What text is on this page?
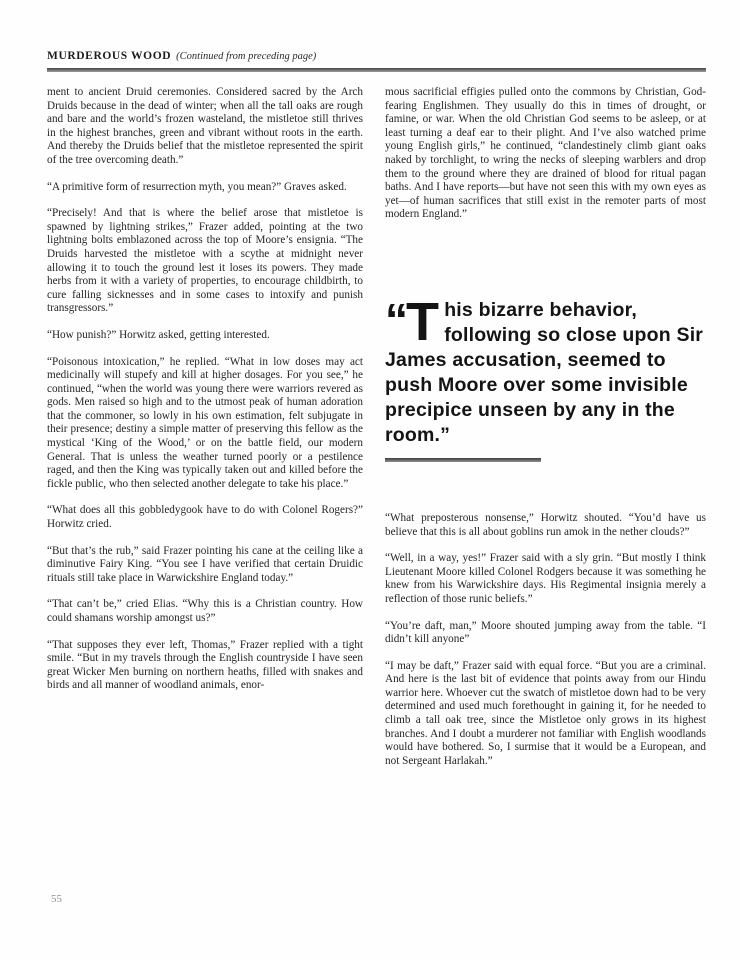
MURDEROUS WOOD (Continued from preceding page)

ment to ancient Druid ceremonies. Considered sacred by the Arch Druids because in the dead of winter; when all the tall oaks are rough and bare and the world’s frozen wasteland, the mistletoe still thrives in the highest branches, green and vibrant without roots in the earth. And thereby the Druids belief that the mistletoe represented the spirit of the tree overcoming death.”

“A primitive form of resurrection myth, you mean?” Graves asked.

“Precisely! And that is where the belief arose that mistletoe is spawned by lightning strikes,” Frazer added, pointing at the two lightning bolts emblazoned across the top of Moore’s ensignia. “The Druids harvested the mistletoe with a scythe at midnight never allowing it to touch the ground lest it loses its powers. They made herbs from it with a variety of properties, to encourage childbirth, to cure falling sicknesses and in some cases to intoxify and punish transgressors.”

“How punish?” Horwitz asked, getting interested.

“Poisonous intoxication,” he replied. “What in low doses may act medicinally will stupefy and kill at higher dosages. For you see,” he continued, “when the world was young there were warriors revered as gods. Men raised so high and to the utmost peak of human adoration that the commoner, so lowly in his own estimation, felt subjugate in their presence; destiny a simple matter of preserving this fellow as the mystical ‘King of the Wood,’ or on the battle field, our modern General. That is unless the weather turned poorly or a pestilence raged, and then the King was typically taken out and killed before the fickle public, who then selected another delegate to take his place.”

“What does all this gobbledygook have to do with Colonel Rogers?” Horwitz cried.

“But that’s the rub,” said Frazer pointing his cane at the ceiling like a diminutive Fairy King. “You see I have verified that certain Druidic rituals still take place in Warwickshire England today.”

“That can’t be,” cried Elias. “Why this is a Christian country. How could shamans worship amongst us?”

“That supposes they ever left, Thomas,” Frazer replied with a tight smile. “But in my travels through the English countryside I have seen great Wicker Men burning on northern heaths, filled with snakes and birds and all manner of woodland animals, enor-

mous sacrificial effigies pulled onto the commons by Christian, God-fearing Englishmen. They usually do this in times of drought, or famine, or war. When the old Christian God seems to be asleep, or at least turning a deaf ear to their plight. And I’ve also watched prime young English girls,” he continued, “clandestinely climb giant oaks naked by torchlight, to wring the necks of sleeping warblers and drop them to the ground where they are drained of blood for ritual pagan baths. And I have reports—but have not seen this with my own eyes as yet—of human sacrifices that still exist in the remoter parts of most modern England.”

“T his bizarre behavior, following so close upon Sir James accusation, seemed to push Moore over some invisible precipice unseen by any in the room.”

“What preposterous nonsense,” Horwitz shouted. “You’d have us believe that this is all about goblins run amok in the nether clouds?”

“Well, in a way, yes!” Frazer said with a sly grin. “But mostly I think Lieutenant Moore killed Colonel Rodgers because it was something he knew from his Warwickshire days. His Regimental insignia merely a reflection of those runic beliefs.”

“You’re daft, man,” Moore shouted jumping away from the table. “I didn’t kill anyone”

“I may be daft,” Frazer said with equal force. “But you are a criminal. And here is the last bit of evidence that points away from our Hindu warrior here. Whoever cut the swatch of mistletoe down had to be very determined and used much forethought in gaining it, for he needed to climb a tall oak tree, since the Mistletoe only grows in its highest branches. And I doubt a murderer not familiar with English woodlands would have bothered. So, I surmise that it would be a European, and not Sergeant Harlakah.”

55
